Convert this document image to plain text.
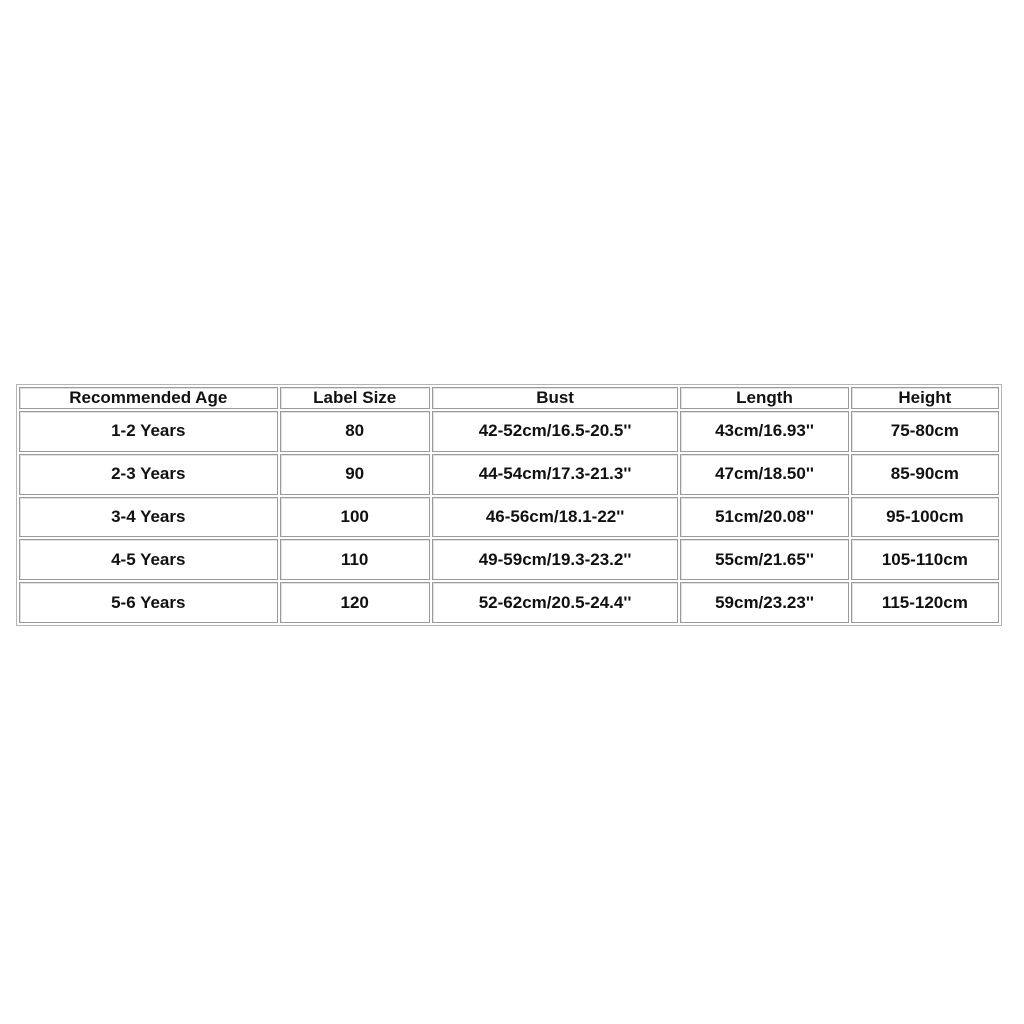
Recommended Age	Label Size	Bust	Length	Height
1-2 Years	80	42-52cm/16.5-20.5''	43cm/16.93''	75-80cm
2-3 Years	90	44-54cm/17.3-21.3''	47cm/18.50''	85-90cm
3-4 Years	100	46-56cm/18.1-22''	51cm/20.08''	95-100cm
4-5 Years	110	49-59cm/19.3-23.2''	55cm/21.65''	105-110cm
5-6 Years	120	52-62cm/20.5-24.4''	59cm/23.23''	115-120cm
